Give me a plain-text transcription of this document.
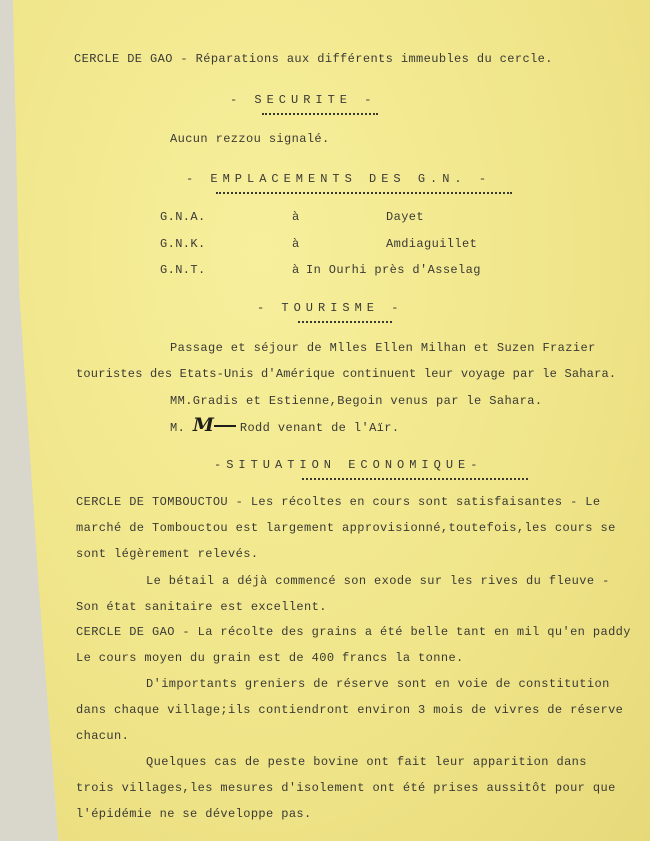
CERCLE DE GAO - Réparations aux différents immeubles du cercle.
- SECURITE -
Aucun rezzou signalé.
- EMPLACEMENTS DES G.N. -
G.N.A.	à	Dayet
G.N.K.	à	Amdiaguillet
G.N.T.	à In Ourhi près d'Asselag
- TOURISME -
Passage et séjour de Mlles Ellen Milhan et Suzen Frazier
touristes des Etats-Unis d'Amérique continuent leur voyage par le Sahara.
MM.Gradis et Estienne,Begoin venus par le Sahara.
M. M Rodd venant de l'Aïr.
-SITUATION ECONOMIQUE-
CERCLE DE TOMBOUCTOU - Les récoltes en cours sont satisfaisantes - Le
marché de Tombouctou est largement approvisionné,toutefois,les cours se
sont légèrement relevés.
Le bétail a déjà commencé son exode sur les rives du fleuve -
Son état sanitaire est excellent.
CERCLE DE GAO - La récolte des grains a été belle tant en mil qu'en paddy
Le cours moyen du grain est de 400 francs la tonne.
D'importants greniers de réserve sont en voie de constitution
dans chaque village;ils contiendront environ 3 mois de vivres de réserve
chacun.
Quelques cas de peste bovine ont fait leur apparition dans
trois villages,les mesures d'isolement ont été prises aussitôt pour que
l'épidémie ne se développe pas.
